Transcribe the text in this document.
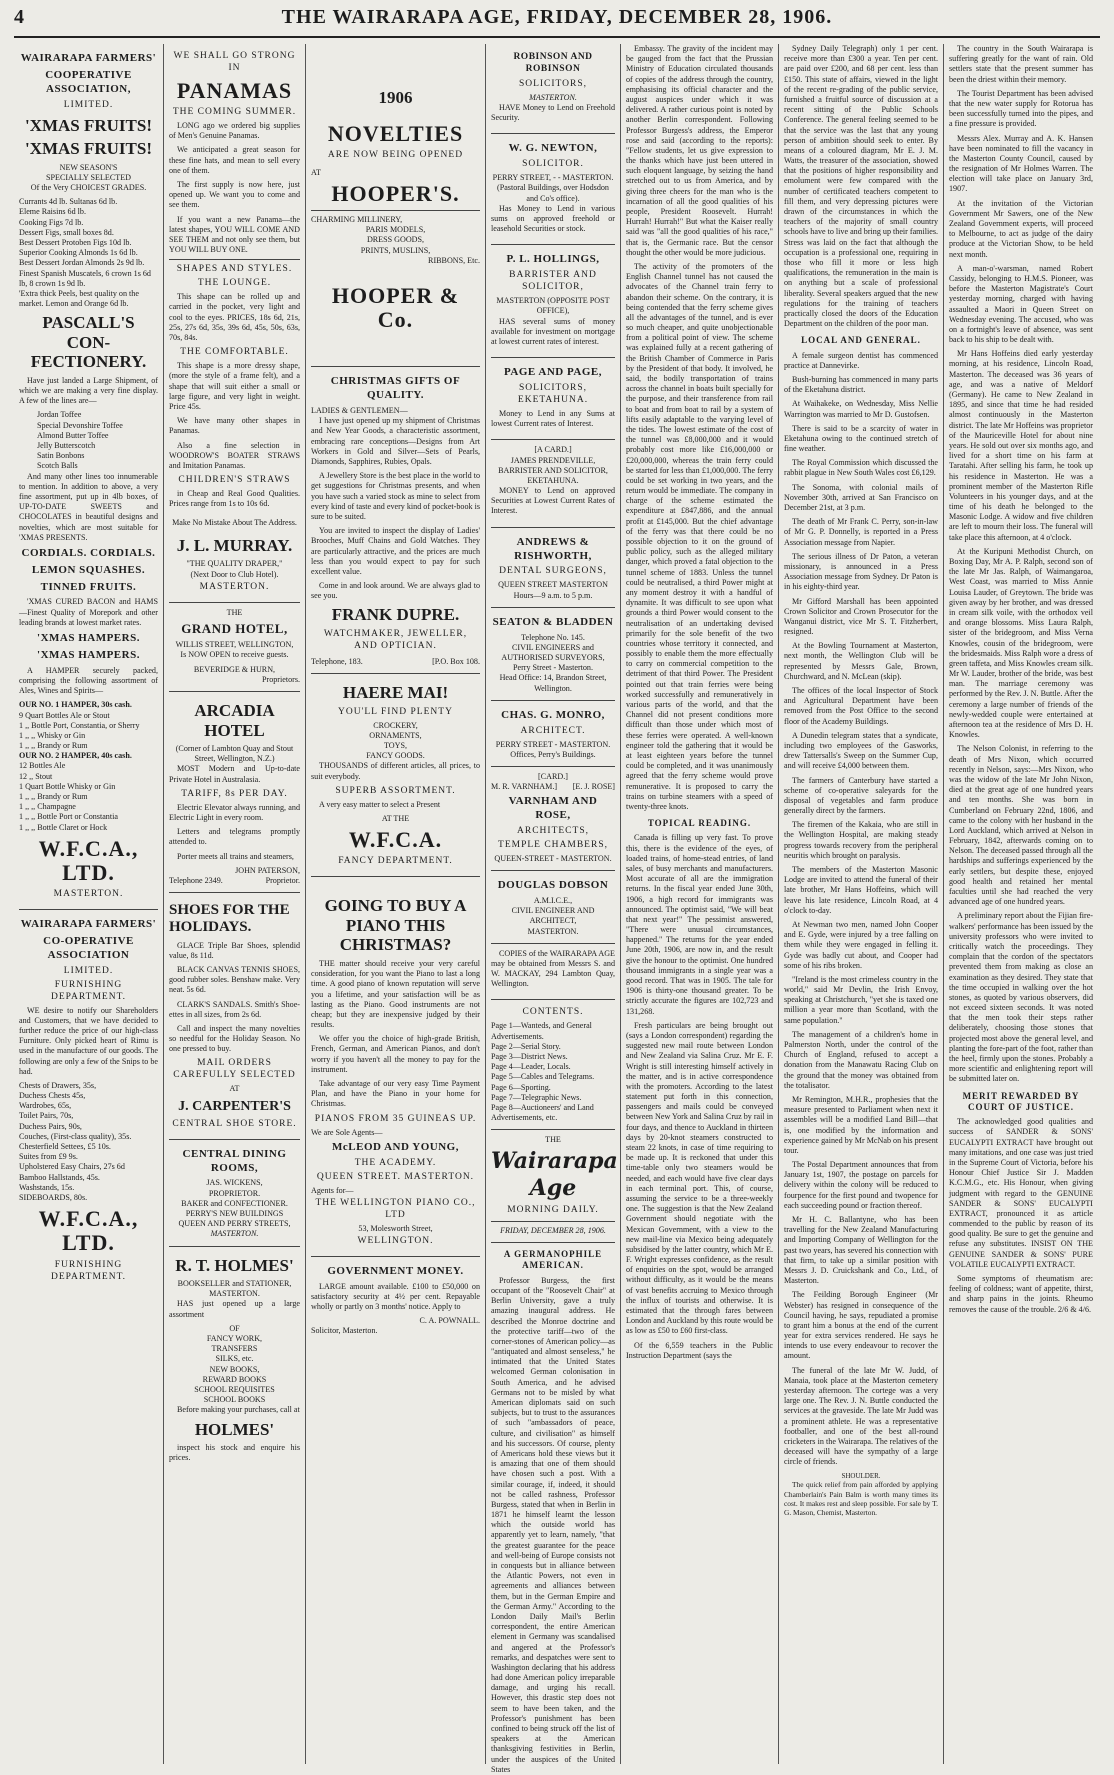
4	THE WAIRARAPA AGE, FRIDAY, DECEMBER 28, 1906.
WAIRARAPA FARMERS'
COOPERATIVE ASSOCIATION,
LIMITED.
'XMAS FRUITS!
'XMAS FRUITS!
NEW SEASON'S
SPECIALLY SELECTED
Of the Very CHOICEST GRADES.

Currants 4d lb. Sultanas 6d lb.

Eleme Raisins 6d lb.

Cooking Figs 7d lb.

Dessert Figs, small boxes 8d.

Best Dessert Protoben Figs 10d lb.

Superior Cooking Almonds 1s 6d lb.

Best Dessert Jordan Almonds 2s 9d lb.

Finest Spanish Muscatels, 6 crown 1s 6d lb, 8 crown 1s 9d lb.

'Extra thick Peels, best quality on the market. Lemon and Orange 6d lb.

PASCALL'S CON-FECTIONERY.

Have just landed a Large Shipment, of which we are making a very fine display. A few of the lines are—

Jordan Toffee

Special Devonshire Toffee

Almond Butter Toffee

Jelly Butterscotch

Satin Bonbons

Scotch Balls

And many other lines too innumerable to mention. In addition to above, a very fine assortment, put up in 4lb boxes, of UP-TO-DATE SWEETS and CHOCOLATES in beautiful designs and novelties, which are most suitable for 'XMAS PRESENTS.

CORDIALS. CORDIALS.
LEMON SQUASHES.
TINNED FRUITS.

'XMAS CURED BACON and HAMS—Finest Quality of Morepork and other leading brands at lowest market rates.

'XMAS HAMPERS.
'XMAS HAMPERS.

A HAMPER securely packed, comprising the following assortment of Ales, Wines and Spirits—

OUR NO. 1 HAMPER, 30s cash.

9 Quart Bottles Ale or Stout

1 ,, Bottle Port, Constantia, or Sherry

1 ,, ,, Whisky or Gin

1 ,, ,, Brandy or Rum

OUR NO. 2 HAMPER, 40s cash.

12 Bottles Ale

12 ,, Stout

1 Quart Bottle Whisky or Gin

1 ,, ,, Brandy or Rum

1 ,, ,, Champagne

1 ,, ,, Bottle Port or Constantia

1 ,, ,, Bottle Claret or Hock

W.F.C.A., LTD.
MASTERTON.
WAIRARAPA FARMERS'
CO-OPERATIVE ASSOCIATION
LIMITED.
FURNISHING DEPARTMENT.

WE desire to notify our Shareholders and Customers, that we have decided to further reduce the price of our high-class Furniture. Only picked heart of Rimu is used in the manufacture of our goods. The following are only a few of the Snips to be had.

Chests of Drawers, 35s,

Duchess Chests 45s,

Wardrobes, 65s,

Toilet Pairs, 70s,

Duchess Pairs, 90s,

Couches, (First-class quality), 35s.

Chesterfield Settees, £5 10s.

Suites from £9 9s.

Upholstered Easy Chairs, 27s 6d

Bamboo Hallstands, 45s.

Washstands, 15s.

SIDEBOARDS, 80s.

W.F.C.A., LTD.
FURNISHING DEPARTMENT.
WE SHALL GO STRONG IN
PANAMAS
THE COMING SUMMER.

LONG ago we ordered big supplies of Men's Genuine Panamas.

We anticipated a great season for these fine hats, and mean to sell every one of them.

The first supply is now here, just opened up. We want you to come and see them.

If you want a new Panama—the latest shapes, YOU WILL COME AND SEE THEM and not only see them, but YOU WILL BUY ONE.

SHAPES AND STYLES.
THE LOUNGE.

This shape can be rolled up and carried in the pocket, very light and cool to the eyes. PRICES, 18s 6d, 21s, 25s, 27s 6d, 35s, 39s 6d, 45s, 50s, 63s, 70s, 84s.

THE COMFORTABLE.

This shape is a more dressy shape, (more the style of a frame felt), and a shape that will suit either a small or large figure, and very light in weight. Price 45s.

We have many other shapes in Panamas.

Also a fine selection in WOODROW'S BOATER STRAWS and Imitation Panamas.

CHILDREN'S STRAWS

in Cheap and Real Good Qualities. Prices range from 1s to 10s 6d.

Make No Mistake About The Address.

J. L. MURRAY.
"THE QUALITY DRAPER,"
(Next Door to Club Hotel).
MASTERTON.
THE
GRAND HOTEL,
WILLIS STREET, WELLINGTON,
Is NOW OPEN to receive guests.
BEVERIDGE & HURN,
Proprietors.
ARCADIA HOTEL
(Corner of Lambton Quay and Stout Street, Wellington, N.Z.)

MOST Modern and Up-to-date Private Hotel in Australasia.

TARIFF, 8s PER DAY.

Electric Elevator always running, and Electric Light in every room.

Letters and telegrams promptly attended to.

Porter meets all trains and steamers,

JOHN PATERSON,
Telephone 2349.	Proprietor.
SHOES FOR THE HOLIDAYS.

GLACE Triple Bar Shoes, splendid value, 8s 11d.

BLACK CANVAS TENNIS SHOES, good rubber soles. Benshaw make. Very neat. 5s 6d.

CLARK'S SANDALS. Smith's Shoe-ettes in all sizes, from 2s 6d.

Call and inspect the many novelties so needful for the Holiday Season. No one pressed to buy.

MAIL ORDERS CAREFULLY SELECTED
AT
J. CARPENTER'S
CENTRAL SHOE STORE.
CENTRAL DINING ROOMS,
JAS. WICKENS,
PROPRIETOR.
BAKER and CONFECTIONER.
PERRY'S NEW BUILDINGS
QUEEN AND PERRY STREETS,
MASTERTON.
R. T. HOLMES'
BOOKSELLER and STATIONER,
MASTERTON.

HAS just opened up a large assortment

OF

FANCY WORK,

TRANSFERS

SILKS, etc.

NEW BOOKS,

REWARD BOOKS

SCHOOL REQUISITES

SCHOOL BOOKS

Before making your purchases, call at

HOLMES'

inspect his stock and enquire his prices.

1906
NOVELTIES
ARE NOW BEING OPENED
AT
HOOPER'S.

CHARMING MILLINERY,

PARIS MODELS,

DRESS GOODS,

PRINTS, MUSLINS,

RIBBONS, Etc.

HOOPER & Co.
CHRISTMAS GIFTS OF QUALITY.

LADIES & GENTLEMEN—

I have just opened up my shipment of Christmas and New Year Goods, a characteristic assortment, embracing rare conceptions—Designs from Art Workers in Gold and Silver—Sets of Pearls, Diamonds, Sapphires, Rubies, Opals.

A Jewellery Store is the best place in the world to get suggestions for Christmas presents, and when you have such a varied stock as mine to select from every kind of taste and every kind of pocket-book is sure to be suited.

You are invited to inspect the display of Ladies' Brooches, Muff Chains and Gold Watches. They are particularly attractive, and the prices are much less than you would expect to pay for such excellent value.

Come in and look around. We are always glad to see you.

FRANK DUPRE.
WATCHMAKER, JEWELLER, AND OPTICIAN.
Telephone, 183.	[P.O. Box 108.
HAERE MAI!
YOU'LL FIND PLENTY

CROCKERY,

ORNAMENTS,

TOYS,

FANCY GOODS.

THOUSANDS of different articles, all prices, to suit everybody.

SUPERB ASSORTMENT.

A very easy matter to select a Present

AT THE
W.F.C.A.
FANCY DEPARTMENT.
GOING TO BUY A PIANO THIS CHRISTMAS?

THE matter should receive your very careful consideration, for you want the Piano to last a long time. A good piano of known reputation will serve you a lifetime, and your satisfaction will be as lasting as the Piano. Good instruments are not cheap; but they are inexpensive judged by their results.

We offer you the choice of high-grade British, French, German, and American Pianos, and don't worry if you haven't all the money to pay for the instrument.

Take advantage of our very easy Time Payment Plan, and have the Piano in your home for Christmas.

PIANOS FROM 35 GUINEAS UP.

We are Sole Agents—

McLEOD AND YOUNG,
THE ACADEMY.
QUEEN STREET. MASTERTON.

Agents for—

THE WELLINGTON PIANO CO., LTD
53, Molesworth Street,
WELLINGTON.
GOVERNMENT MONEY.

LARGE amount available. £100 to £50,000 on satisfactory security at 4½ per cent. Repayable wholly or partly on 3 months' notice. Apply to

C. A. POWNALL.
Solicitor, Masterton.
ROBINSON AND ROBINSON
SOLICITORS,
MASTERTON.

HAVE Money to Lend on Freehold Security.

W. G. NEWTON,
SOLICITOR.
PERRY STREET, - - MASTERTON.
(Pastoral Buildings, over Hodsdon and Co's office).

Has Money to Lend in various sums on approved freehold or leasehold Securities or stock.

P. L. HOLLINGS,
BARRISTER AND SOLICITOR,
MASTERTON (OPPOSITE POST OFFICE),

HAS several sums of money available for investment on mortgage at lowest current rates of interest.

PAGE AND PAGE,
SOLICITORS, EKETAHUNA.

Money to Lend in any Sums at lowest Current rates of Interest.

[A CARD.]
JAMES PRENDEVILLE,
BARRISTER AND SOLICITOR,
EKETAHUNA.

MONEY to Lend on approved Securities at Lowest Current Rates of Interest.

ANDREWS & RISHWORTH,
DENTAL SURGEONS,
QUEEN STREET MASTERTON
Hours—9 a.m. to 5 p.m.
SEATON & BLADDEN
Telephone No. 145.
CIVIL ENGINEERS and AUTHORISED SURVEYORS,
Perry Street - Masterton.
Head Office: 14, Brandon Street, Wellington.
CHAS. G. MONRO,
ARCHITECT.
PERRY STREET - MASTERTON.
Offices, Perry's Buildings.
[CARD.]
M. R. VARNHAM.] [E. J. ROSE]
VARNHAM AND ROSE,
ARCHITECTS,
TEMPLE CHAMBERS,
QUEEN-STREET - MASTERTON.
DOUGLAS DOBSON
A.M.I.C.E.,
CIVIL ENGINEER AND ARCHITECT,
MASTERTON.

COPIES of the WAIRARAPA AGE may be obtained from Messrs S. and W. MACKAY, 294 Lambton Quay, Wellington.

CONTENTS.

Page 1—Wanteds, and General Advertisements.

Page 2—Serial Story.

Page 3—District News.

Page 4—Leader, Locals.

Page 5—Cables and Telegrams.

Page 6—Sporting.

Page 7—Telegraphic News.

Page 8—Auctioneers' and Land Advertisements, etc.

THE
Wairarapa Age
MORNING DAILY.
FRIDAY, DECEMBER 28, 1906.
A GERMANOPHILE AMERICAN.

Professor Burgess, the first occupant of the "Roosevelt Chair" at Berlin University, gave a truly amazing inaugural address. He described the Monroe doctrine and the protective tariff—two of the corner-stones of American policy—as "antiquated and almost senseless," he intimated that the United States welcomed German colonisation in South America, and he advised Germans not to be misled by what American diplomats said on such subjects, but to trust to the assurances of such "ambassadors of peace, culture, and civilisation" as himself and his successors. Of course, plenty of Americans hold these views but it is amazing that one of them should have chosen such a post. With a similar courage, if, indeed, it should not be called rashness, Professor Burgess, stated that when in Berlin in 1871 he himself learnt the lesson which the outside world has apparently yet to learn, namely, "that the greatest guarantee for the peace and well-being of Europe consists not in conquests but in alliance between the Atlantic Powers, not even in agreements and alliances between them, but in the German Empire and the German Army." According to the London Daily Mail's Berlin correspondent, the entire American element in Germany was scandalised and angered at the Professor's remarks, and despatches were sent to Washington declaring that his address had done American policy irreparable damage, and urging his recall. However, this drastic step does not seem to have been taken, and the Professor's punishment has been confined to being struck off the list of speakers at the American thanksgiving festivities in Berlin, under the auspices of the United States

Embassy. The gravity of the incident may be gauged from the fact that the Prussian Ministry of Education circulated thousands of copies of the address through the country, emphasising its official character and the august auspices under which it was delivered. A rather curious point is noted by another Berlin correspondent. Following Professor Burgess's address, the Emperor rose and said (according to the reports): "Fellow students, let us give expression to the thanks which have just been uttered in such eloquent language, by seizing the hand stretched out to us from America, and by giving three cheers for the man who is the incarnation of all the good qualities of his people, President Roosevelt. Hurrah! Hurrah! Hurrah!" But what the Kaiser really said was "all the good qualities of his race," that is, the Germanic race. But the censor thought the other would be more judicious.

The activity of the promoters of the English Channel tunnel has not caused the advocates of the Channel train ferry to abandon their scheme. On the contrary, it is being contended that the ferry scheme gives all the advantages of the tunnel, and is ever so much cheaper, and quite unobjectionable from a political point of view. The scheme was explained fully at a recent gathering of the British Chamber of Commerce in Paris by the President of that body. It involved, he said, the bodily transportation of trains across the channel in boats built specially for the purpose, and their transference from rail to boat and from boat to rail by a system of lifts easily adaptable to the varying level of the tides. The lowest estimate of the cost of the tunnel was £8,000,000 and it would probably cost more like £16,000,000 or £20,000,000, whereas the train ferry could be started for less than £1,000,000. The ferry could be set working in two years, and the return would be immediate. The company in charge of the scheme estimated the expenditure at £847,886, and the annual profit at £145,000. But the chief advantage of the ferry was that there could be no possible objection to it on the ground of public policy, such as the alleged military danger, which proved a fatal objection to the tunnel scheme of 1883. Unless the tunnel could be neutralised, a third Power might at any moment destroy it with a handful of dynamite. It was difficult to see upon what grounds a third Power would consent to the neutralisation of an undertaking devised primarily for the sole benefit of the two countries whose territory it connected, and possibly to enable them the more effectually to carry on commercial competition to the detriment of that third Power. The President pointed out that train ferries were being worked successfully and remuneratively in various parts of the world, and that the Channel did not present conditions more difficult than those under which most of these ferries were operated. A well-known engineer told the gathering that it would be at least eighteen years before the tunnel could be completed, and it was unanimously agreed that the ferry scheme would prove remunerative. It is proposed to carry the trains on turbine steamers with a speed of twenty-three knots.

TOPICAL READING.

Canada is filling up very fast. To prove this, there is the evidence of the eyes, of loaded trains, of home-stead entries, of land sales, of busy merchants and manufacturers. Most accurate of all are the immigration returns. In the fiscal year ended June 30th, 1906, a high record for immigrants was announced. The optimist said, "We will beat that next year!" The pessimist answered, "There were unusual circumstances, happened." The returns for the year ended June 20th, 1906, are now in, and the result give the honour to the optimist. One hundred thousand immigrants in a single year was a good record. That was in 1905. The tale for 1906 is thirty-one thousand greater. To be strictly accurate the figures are 102,723 and 131,268.

Fresh particulars are being brought out (says a London correspondent) regarding the suggested new mail route between London and New Zealand via Salina Cruz. Mr E. F. Wright is still interesting himself actively in the matter, and is in active correspondence with the promoters. According to the latest statement put forth in this connection, passengers and mails could be conveyed between New York and Salina Cruz by rail in four days, and thence to Auckland in thirteen days by 20-knot steamers constructed to steam 22 knots, in case of time requiring to be made up. It is reckoned that under this time-table only two steamers would be needed, and each would have five clear days in each terminal port. This, of course, assuming the service to be a three-weekly one. The suggestion is that the New Zealand Government should negotiate with the Mexican Government, with a view to the new mail-line via Mexico being adequately subsidised by the latter country, which Mr E. F. Wright expresses confidence, as the result of enquiries on the spot, would be arranged without difficulty, as it would be the means of vast benefits accruing to Mexico through the influx of tourists and otherwise. It is estimated that the through fares between London and Auckland by this route would be as low as £50 to £60 first-class.

Of the 6,559 teachers in the Public Instruction Department (says the

Sydney Daily Telegraph) only 1 per cent. receive more than £300 a year. Ten per cent. are paid over £200, and 68 per cent. less than £150. This state of affairs, viewed in the light of the recent re-grading of the public service, furnished a fruitful source of discussion at a recent sitting of the Public Schools Conference. The general feeling seemed to be that the service was the last that any young person of ambition should seek to enter. By means of a coloured diagram, Mr E. J. M. Watts, the treasurer of the association, showed that the positions of higher responsibility and emolument were few compared with the number of certificated teachers competent to fill them, and very depressing pictures were drawn of the circumstances in which the teachers of the majority of small country schools have to live and bring up their families. Stress was laid on the fact that although the occupation is a professional one, requiring in those who fill it more or less high qualifications, the remuneration in the main is on anything but a scale of professional liberality. Several speakers argued that the new regulations for the training of teachers practically closed the doors of the Education Department on the children of the poor man.

LOCAL AND GENERAL.

A female surgeon dentist has commenced practice at Dannevirke.

Bush-burning has commenced in many parts of the Eketahuna district.

At Waihakeke, on Wednesday, Miss Nellie Warrington was married to Mr D. Gustofsen.

There is said to be a scarcity of water in Eketahuna owing to the continued stretch of fine weather.

The Royal Commission which discussed the rabbit plague in New South Wales cost £6,129.

The Sonoma, with colonial mails of November 30th, arrived at San Francisco on December 21st, at 3 p.m.

The death of Mr Frank C. Perry, son-in-law of Mr G. P. Donnelly, is reported in a Press Association message from Napier.

The serious illness of Dr Paton, a veteran missionary, is announced in a Press Association message from Sydney. Dr Paton is in his eighty-third year.

Mr Gifford Marshall has been appointed Crown Solicitor and Crown Prosecutor for the Wanganui district, vice Mr S. T. Fitzherbert, resigned.

At the Bowling Tournament at Masterton, next month, the Wellington Club will be represented by Messrs Gale, Brown, Churchward, and N. McLean (skip).

The offices of the local Inspector of Stock and Agricultural Department have been removed from the Post Office to the second floor of the Academy Buildings.

A Dunedin telegram states that a syndicate, including two employees of the Gasworks, drew Tattersalls's Sweep on the Summer Cup, and will receive £4,000 between them.

The farmers of Canterbury have started a scheme of co-operative saleyards for the disposal of vegetables and farm produce generally direct by the farmers.

The firemen of the Kakaia, who are still in the Wellington Hospital, are making steady progress towards recovery from the peripheral neuritis which brought on paralysis.

The members of the Masterton Masonic Lodge are invited to attend the funeral of their late brother, Mr Hans Hoffeins, which will leave his late residence, Lincoln Road, at 4 o'clock to-day.

At Newman two men, named John Cooper and E. Gyde, were injured by a tree falling on them while they were engaged in felling it. Gyde was badly cut about, and Cooper had some of his ribs broken.

"Ireland is the most crimeless country in the world," said Mr Devlin, the Irish Envoy, speaking at Christchurch, "yet she is taxed one million a year more than Scotland, with the same population."

The management of a children's home in Palmerston North, under the control of the Church of England, refused to accept a donation from the Manawatu Racing Club on the ground that the money was obtained from the totalisator.

Mr Remington, M.H.R., prophesies that the measure presented to Parliament when next it assembles will be a modified Land Bill—that is, one modified by the information and experience gained by Mr McNab on his present tour.

The Postal Department announces that from January 1st, 1907, the postage on parcels for delivery within the colony will be reduced to fourpence for the first pound and twopence for each succeeding pound or fraction thereof.

Mr H. C. Ballantyne, who has been travelling for the New Zealand Manufacturing and Importing Company of Wellington for the past two years, has severed his connection with that firm, to take up a similar position with Messrs J. D. Cruickshank and Co., Ltd., of Masterton.

The Feilding Borough Engineer (Mr Webster) has resigned in consequence of the Council having, he says, repudiated a promise to grant him a bonus at the end of the current year for extra services rendered. He says he intends to use every endeavour to recover the amount.

The funeral of the late Mr W. Judd, of Manaia, took place at the Masterton cemetery yesterday afternoon. The cortege was a very large one. The Rev. J. N. Buttle conducted the services at the graveside. The late Mr Judd was a prominent athlete. He was a representative footballer, and one of the best all-round cricketers in the Wairarapa. The relatives of the deceased will have the sympathy of a large circle of friends.

SHOULDER.

The quick relief from pain afforded by applying Chamberlain's Pain Balm is worth many times its cost. It makes rest and sleep possible. For sale by T. G. Mason, Chemist, Masterton.

The country in the South Wairarapa is suffering greatly for the want of rain. Old settlers state that the present summer has been the driest within their memory.

The Tourist Department has been advised that the new water supply for Rotorua has been successfully turned into the pipes, and a fine pressure is provided.

Messrs Alex. Murray and A. K. Hansen have been nominated to fill the vacancy in the Masterton County Council, caused by the resignation of Mr Holmes Warren. The election will take place on January 3rd, 1907.

At the invitation of the Victorian Government Mr Sawers, one of the New Zealand Government experts, will proceed to Melbourne, to act as judge of the dairy produce at the Victorian Show, to be held next month.

A man-o'-warsman, named Robert Cassidy, belonging to H.M.S. Pioneer, was before the Masterton Magistrate's Court yesterday morning, charged with having assaulted a Maori in Queen Street on Wednesday evening. The accused, who was on a fortnight's leave of absence, was sent back to his ship to be dealt with.

Mr Hans Hoffeins died early yesterday morning, at his residence, Lincoln Road, Masterton. The deceased was 36 years of age, and was a native of Meldorf (Germany). He came to New Zealand in 1895, and since that time he had resided almost continuously in the Masterton district. The late Mr Hoffeins was proprietor of the Mauriceville Hotel for about nine years. He sold out over six months ago, and lived for a short time on his farm at Taratahi. After selling his farm, he took up his residence in Masterton. He was a prominent member of the Masterton Rifle Volunteers in his younger days, and at the time of his death he belonged to the Masonic Lodge. A widow and five children are left to mourn their loss. The funeral will take place this afternoon, at 4 o'clock.

At the Kuripuni Methodist Church, on Boxing Day, Mr A. P. Ralph, second son of the late Mr Jas. Ralph, of Waimangaroa, West Coast, was married to Miss Annie Louisa Lauder, of Greytown. The bride was given away by her brother, and was dressed in cream silk voile, with the orthodox veil and orange blossoms. Miss Laura Ralph, sister of the bridegroom, and Miss Verna Knowles, cousin of the bridegroom, were the bridesmaids. Miss Ralph wore a dress of green taffeta, and Miss Knowles cream silk. Mr W. Lauder, brother of the bride, was best man. The marriage ceremony was performed by the Rev. J. N. Buttle. After the ceremony a large number of friends of the newly-wedded couple were entertained at afternoon tea at the residence of Mrs D. H. Knowles.

The Nelson Colonist, in referring to the death of Mrs Nixon, which occurred recently in Nelson, says:—Mrs Nixon, who was the widow of the late Mr John Nixon, died at the great age of one hundred years and ten months. She was born in Cumberland on February 22nd, 1806, and came to the colony with her husband in the Lord Auckland, which arrived at Nelson in February, 1842, afterwards coming on to Nelson. The deceased passed through all the hardships and sufferings experienced by the early settlers, but despite these, enjoyed good health and retained her mental faculties until she had reached the very advanced age of one hundred years.

A preliminary report about the Fijian fire-walkers' performance has been issued by the university professors who were invited to critically watch the proceedings. They complain that the cordon of the spectators prevented them from making as close an examination as they desired. They state that the time occupied in walking over the hot stones, as quoted by various observers, did not exceed sixteen seconds. It was noted that the men took their steps rather deliberately, choosing those stones that projected most above the general level, and planting the fore-part of the foot, rather than the heel, firmly upon the stones. Probably a more scientific and enlightening report will be submitted later on.

MERIT REWARDED BY COURT OF JUSTICE.

The acknowledged good qualities and success of SANDER & SONS' EUCALYPTI EXTRACT have brought out many imitations, and one case was just tried in the Supreme Court of Victoria, before his Honour Chief Justice Sir J. Madden K.C.M.G., etc. His Honour, when giving judgment with regard to the GENUINE SANDER & SONS' EUCALYPTI EXTRACT, pronounced it as article commended to the public by reason of its good quality. Be sure to get the genuine and refuse any substitutes. INSIST ON THE GENUINE SANDER & SONS' PURE VOLATILE EUCALYPTI EXTRACT.

Some symptoms of rheumatism are: feeling of coldness; want of appetite, thirst, and sharp pains in the joints. Rheumo removes the cause of the trouble. 2/6 & 4/6.
